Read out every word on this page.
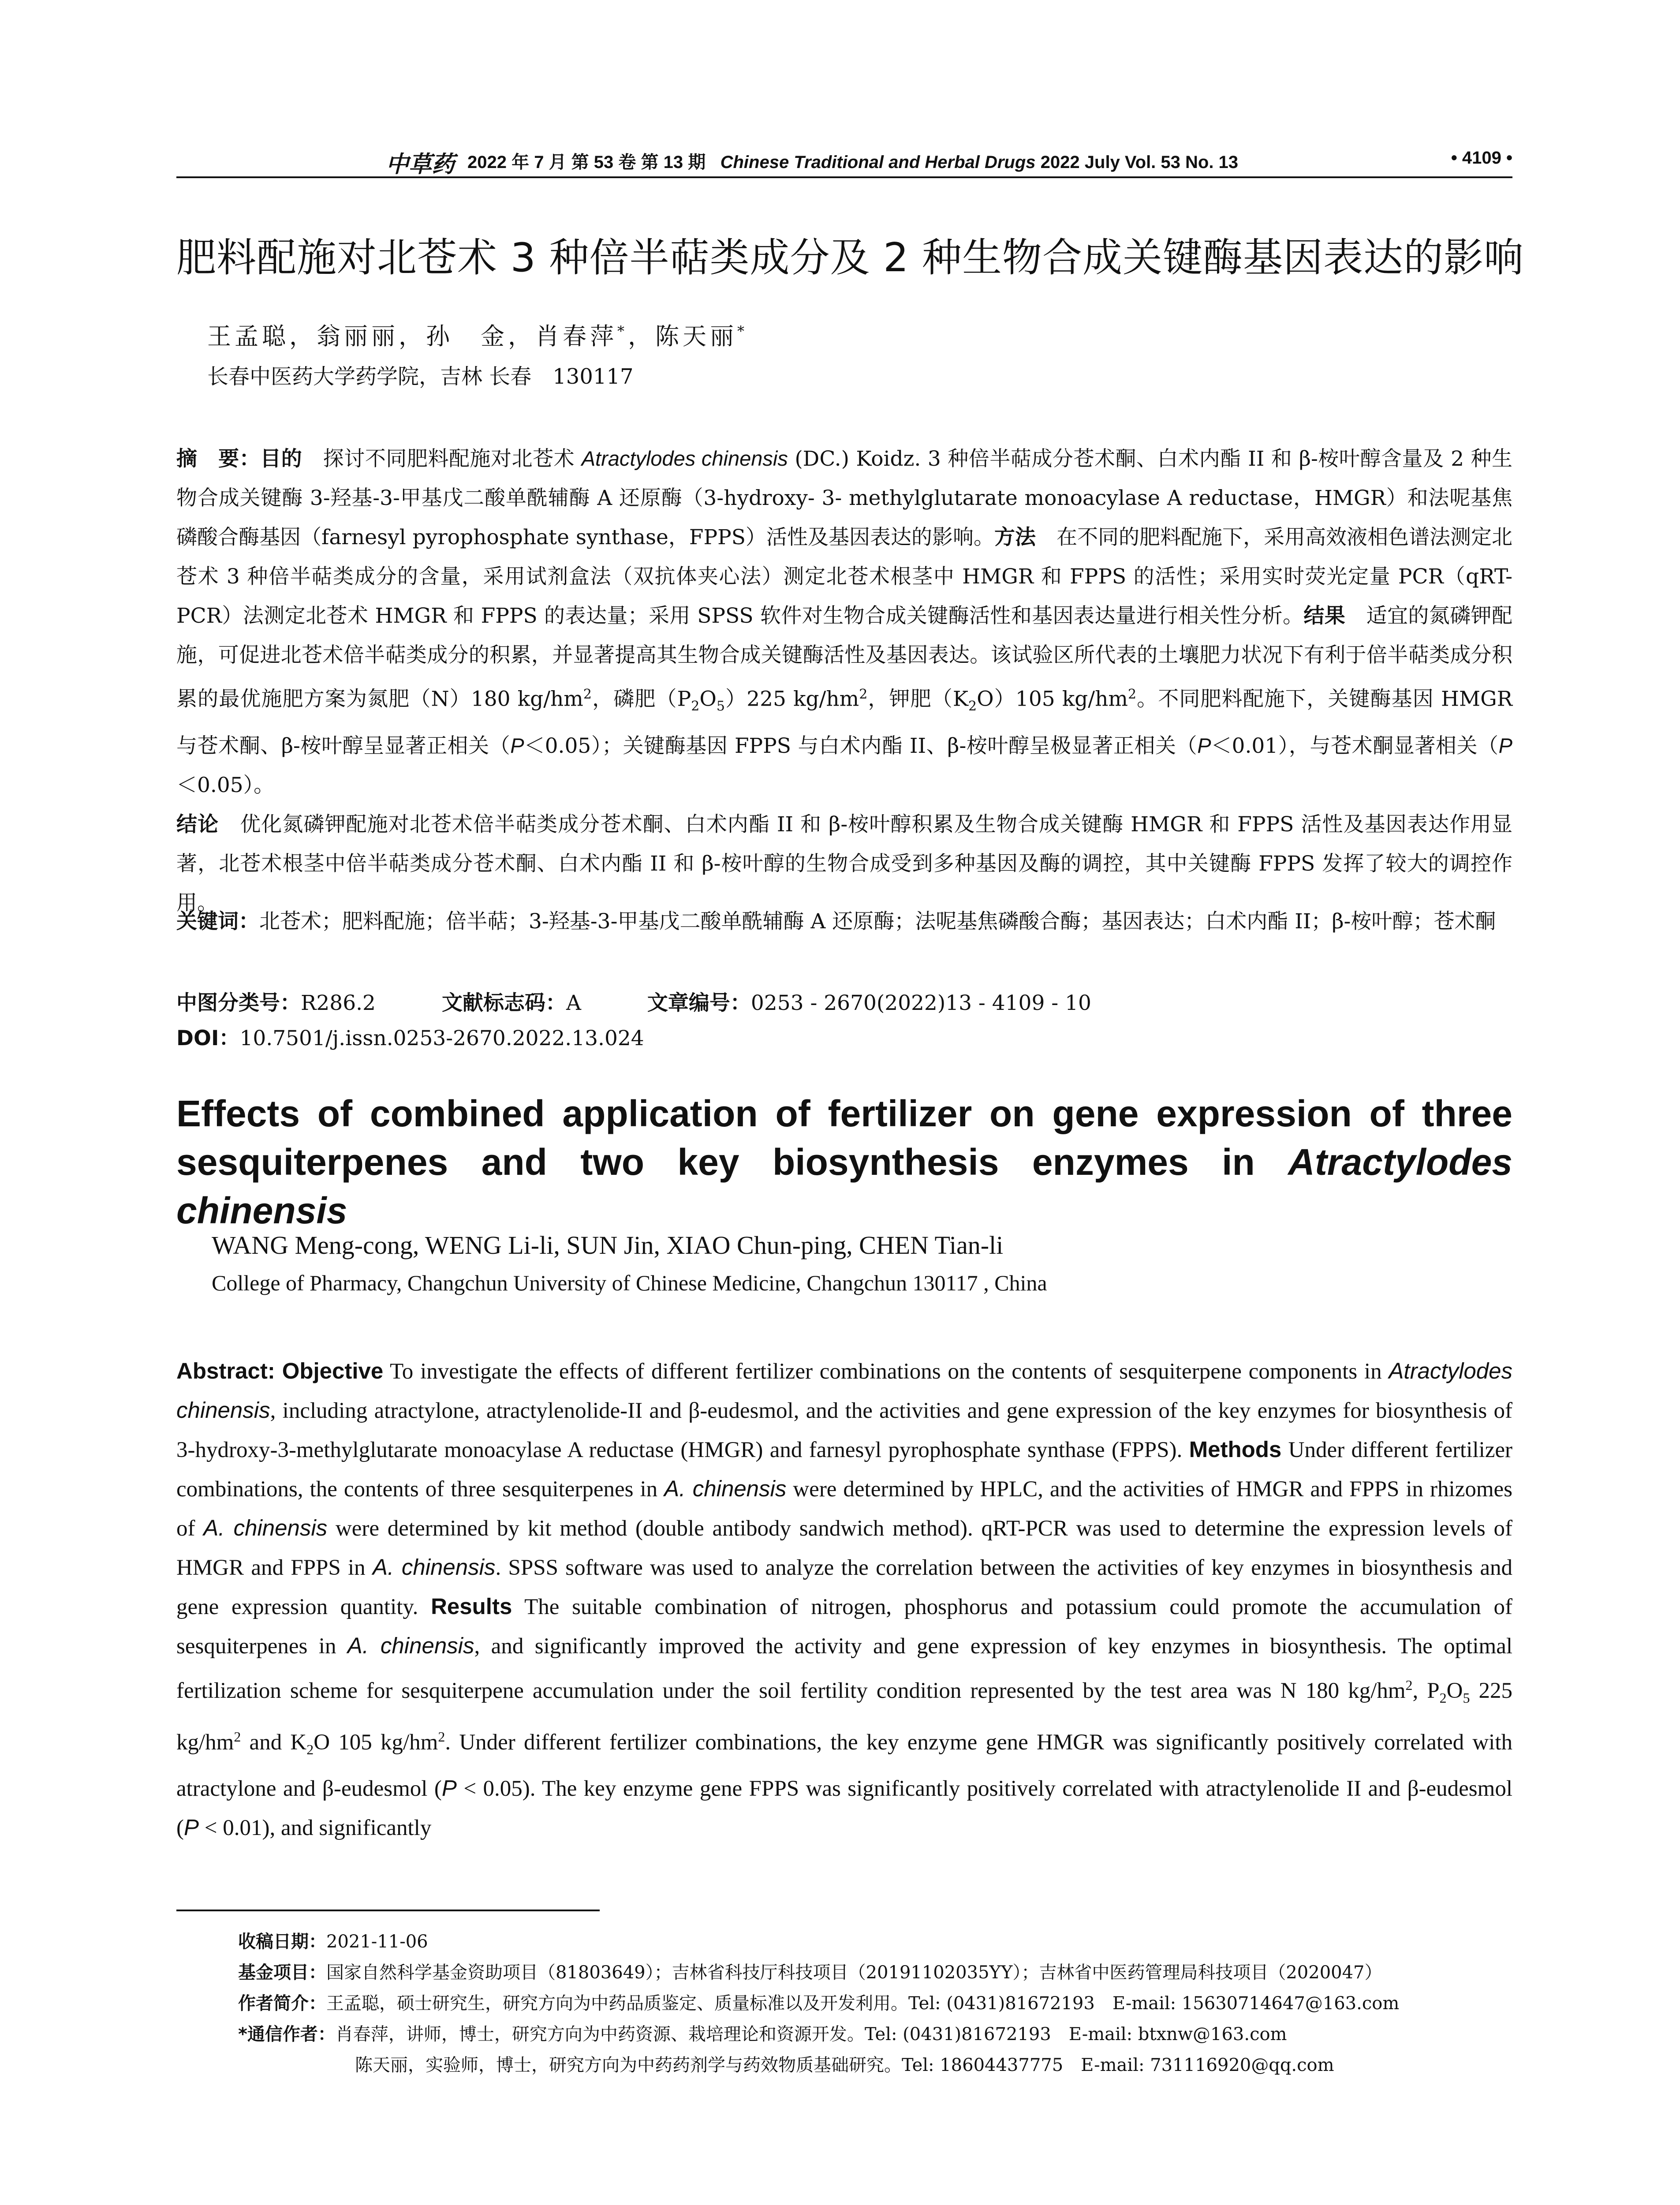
中草药 2022 年 7 月 第 53 卷 第 13 期 Chinese Traditional and Herbal Drugs 2022 July Vol. 53 No. 13	• 4109 •
肥料配施对北苍术 3 种倍半萜类成分及 2 种生物合成关键酶基因表达的影响
王孟聪，翁丽丽，孙　金，肖春萍*，陈天丽*
长春中医药大学药学院，吉林 长春　130117
摘　要：目的　探讨不同肥料配施对北苍术 Atractylodes chinensis (DC.) Koidz. 3 种倍半萜成分苍术酮、白术内酯 II 和 β-桉叶醇含量及 2 种生物合成关键酶 3-羟基-3-甲基戊二酸单酰辅酶 A 还原酶（3-hydroxy- 3- methylglutarate monoacylase A reductase，HMGR）和法呢基焦磷酸合酶基因（farnesyl pyrophosphate synthase，FPPS）活性及基因表达的影响。方法　在不同的肥料配施下，采用高效液相色谱法测定北苍术 3 种倍半萜类成分的含量，采用试剂盒法（双抗体夹心法）测定北苍术根茎中 HMGR 和 FPPS 的活性；采用实时荧光定量 PCR（qRT-PCR）法测定北苍术 HMGR 和 FPPS 的表达量；采用 SPSS 软件对生物合成关键酶活性和基因表达量进行相关性分析。结果　适宜的氮磷钾配施，可促进北苍术倍半萜类成分的积累，并显著提高其生物合成关键酶活性及基因表达。该试验区所代表的土壤肥力状况下有利于倍半萜类成分积累的最优施肥方案为氮肥（N）180 $kg/hm^2$，磷肥$(P_2O_5)225$ $kg/hm^2$，钾肥$(K_2O)105$ $kg/hm^2$。不同肥料配施下，关键酶基因 HMGR 与苍术酮、β-桉叶醇呈显著正相关（P＜0.05）；关键酶基因 FPPS 与白术内酯 II、β-桉叶醇呈极显著正相关（P＜0.01），与苍术酮显著相关（P＜0.05）。
结论　优化氮磷钾配施对北苍术倍半萜类成分苍术酮、白术内酯 II 和 β-桉叶醇积累及生物合成关键酶 HMGR 和 FPPS 活性及基因表达作用显著，北苍术根茎中倍半萜类成分苍术酮、白术内酯 II 和 β-桉叶醇的生物合成受到多种基因及酶的调控，其中关键酶 FPPS 发挥了较大的调控作用。
关键词：北苍术；肥料配施；倍半萜；3-羟基-3-甲基戊二酸单酰辅酶 A 还原酶；法呢基焦磷酸合酶；基因表达；白术内酯 II；β-桉叶醇；苍术酮
中图分类号：R286.2	文献标志码：A	文章编号：0253 - 2670(2022)13 - 4109 - 10
DOI：10.7501/j.issn.0253-2670.2022.13.024
Effects of combined application of fertilizer on gene expression of three
sesquiterpenes and two key biosynthesis enzymes in Atractylodes chinensis
WANG Meng-cong, WENG Li-li, SUN Jin, XIAO Chun-ping, CHEN Tian-li
College of Pharmacy, Changchun University of Chinese Medicine, Changchun 130117 , China
Abstract: Objective To investigate the effects of different fertilizer combinations on the contents of sesquiterpene components in Atractylodes chinensis, including atractylone, atractylenolide-II and β-eudesmol, and the activities and gene expression of the key enzymes for biosynthesis of 3-hydroxy-3-methylglutarate monoacylase A reductase (HMGR) and farnesyl pyrophosphate synthase (FPPS). Methods Under different fertilizer combinations, the contents of three sesquiterpenes in A. chinensis were determined by HPLC, and the activities of HMGR and FPPS in rhizomes of A. chinensis were determined by kit method (double antibody sandwich method). qRT-PCR was used to determine the expression levels of HMGR and FPPS in A. chinensis. SPSS software was used to analyze the correlation between the activities of key enzymes in biosynthesis and gene expression quantity. Results The suitable combination of nitrogen, phosphorus and potassium could promote the accumulation of sesquiterpenes in A. chinensis, and significantly improved the activity and gene expression of key enzymes in biosynthesis. The optimal fertilization scheme for sesquiterpene accumulation under the soil fertility condition represented by the test area was N 180 $kg/hm^2$, $P_2O_5$ 225 $kg/hm^2$ and $K_2O$ 105 $kg/hm^2$. Under different fertilizer combinations, the key enzyme gene HMGR was significantly positively correlated with atractylone and β-eudesmol (P < 0.05). The key enzyme gene FPPS was significantly positively correlated with atractylenolide II and β-eudesmol (P < 0.01), and significantly
收稿日期：2021-11-06
基金项目：国家自然科学基金资助项目（81803649）；吉林省科技厅科技项目（20191102035YY）；吉林省中医药管理局科技项目（2020047）
作者简介：王孟聪，硕士研究生，研究方向为中药品质鉴定、质量标准以及开发利用。Tel: (0431)81672193　E-mail: 15630714647@163.com
*通信作者：肖春萍，讲师，博士，研究方向为中药资源、栽培理论和资源开发。Tel: (0431)81672193　E-mail: btxnw@163.com
陈天丽，实验师，博士，研究方向为中药药剂学与药效物质基础研究。Tel: 18604437775　E-mail: 731116920@qq.com
